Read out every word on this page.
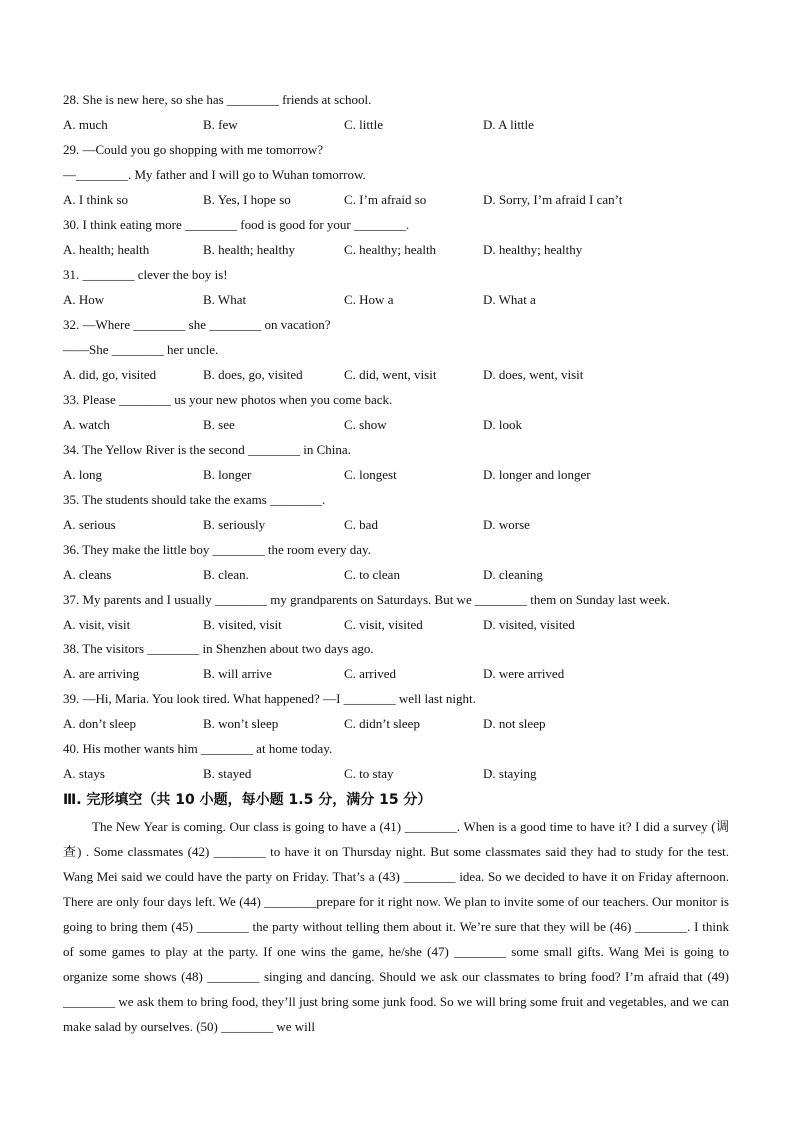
28. She is new here, so she has ________ friends at school.
A. much	B. few	C. little	D. A little
29. —Could you go shopping with me tomorrow?
—________. My father and I will go to Wuhan tomorrow.
A. I think so	B. Yes, I hope so	C. I’m afraid so	D. Sorry, I’m afraid I can’t
30. I think eating more ________ food is good for your ________.
A. health; health	B. health; healthy	C. healthy; health	D. healthy; healthy
31. ________ clever the boy is!
A. How	B. What	C. How a	D. What a
32. —Where ________ she ________ on vacation?
——She ________ her uncle.
A. did, go, visited	B. does, go, visited	C. did, went, visit	D. does, went, visit
33. Please ________ us your new photos when you come back.
A. watch	B. see	C. show	D. look
34. The Yellow River is the second ________ in China.
A. long	B. longer	C. longest	D. longer and longer
35. The students should take the exams ________.
A. serious	B. seriously	C. bad	D. worse
36. They make the little boy ________ the room every day.
A. cleans	B. clean.	C. to clean	D. cleaning
37. My parents and I usually ________ my grandparents on Saturdays. But we ________ them on Sunday last week.
A. visit, visit	B. visited, visit	C. visit, visited	D. visited, visited
38. The visitors ________ in Shenzhen about two days ago.
A. are arriving	B. will arrive	C. arrived	D. were arrived
39. —Hi, Maria. You look tired. What happened? —I ________ well last night.
A. don’t sleep	B. won’t sleep	C. didn’t sleep	D. not sleep
40. His mother wants him ________ at home today.
A. stays	B. stayed	C. to stay	D. staying
Ⅲ. 完形填空（共 10 小题，每小题 1.5 分，满分 15 分）
The New Year is coming. Our class is going to have a (41) ________. When is a good time to have it? I did a survey (调查) . Some classmates (42) ________ to have it on Thursday night. But some classmates said they had to study for the test. Wang Mei said we could have the party on Friday. That’s a (43) ________ idea. So we decided to have it on Friday afternoon. There are only four days left. We (44) ________prepare for it right now. We plan to invite some of our teachers. Our monitor is going to bring them (45) ________ the party without telling them about it. We’re sure that they will be (46) ________. I think of some games to play at the party. If one wins the game, he/she (47) ________ some small gifts. Wang Mei is going to organize some shows (48) ________ singing and dancing. Should we ask our classmates to bring food? I’m afraid that (49) ________ we ask them to bring food, they’ll just bring some junk food. So we will bring some fruit and vegetables, and we can make salad by ourselves. (50) ________ we will
